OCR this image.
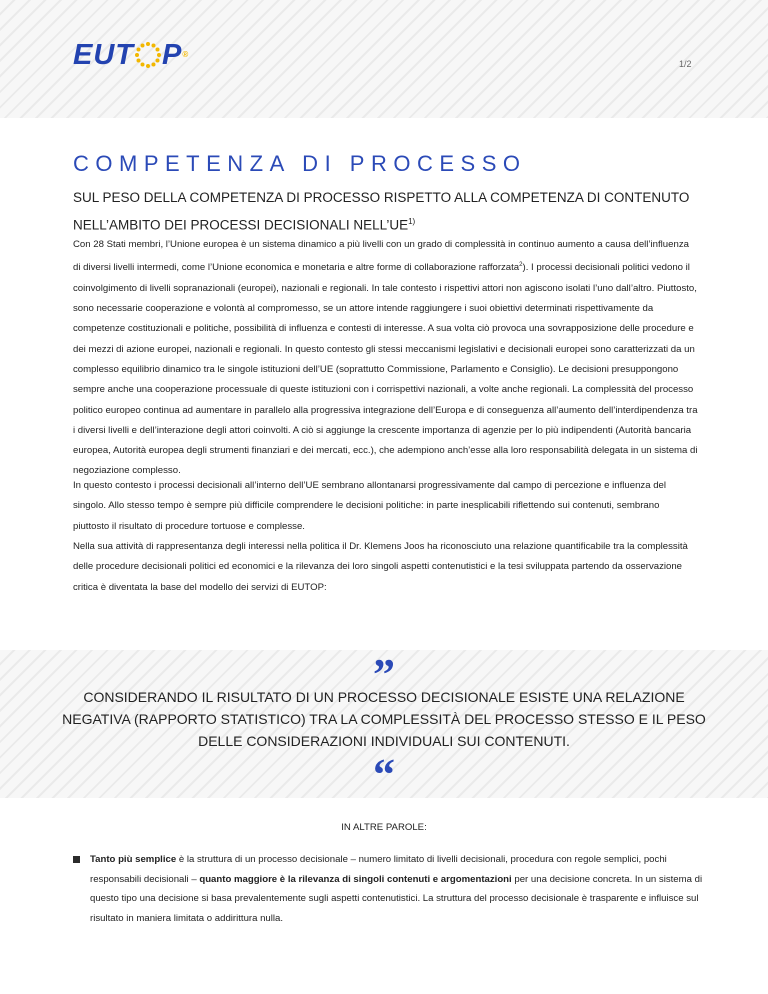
EUT P®
1/2
COMPETENZA DI PROCESSO
SUL PESO DELLA COMPETENZA DI PROCESSO RISPETTO ALLA COMPETENZA DI CONTENUTO NELL’AMBITO DEI PROCESSI DECISIONALI NELL’UE$^{1)}$
Con 28 Stati membri, l’Unione europea è un sistema dinamico a più livelli con un grado di complessità in continuo aumento a causa dell’influenza di diversi livelli intermedi, come l’Unione economica e monetaria e altre forme di collaborazione rafforzata$^2$). I processi decisionali politici vedono il coinvolgimento di livelli sopranazionali (europei), nazionali e regionali. In tale contesto i rispettivi attori non agiscono isolati l’uno dall’altro. Piuttosto, sono necessarie cooperazione e volontà al compromesso, se un attore intende raggiungere i suoi obiettivi determinati rispettivamente da competenze costituzionali e politiche, possibilità di influenza e contesti di interesse. A sua volta ciò provoca una sovrapposizione delle procedure e dei mezzi di azione europei, nazionali e regionali. In questo contesto gli stessi meccanismi legislativi e decisionali europei sono caratterizzati da un complesso equilibrio dinamico tra le singole istituzioni dell’UE (soprattutto Commissione, Parlamento e Consiglio). Le decisioni presuppongono sempre anche una cooperazione processuale di queste istituzioni con i corrispettivi nazionali, a volte anche regionali. La complessità del processo politico europeo continua ad aumentare in parallelo alla progressiva integrazione dell’Europa e di conseguenza all’aumento dell’interdipendenza tra i diversi livelli e dell’interazione degli attori coinvolti. A ciò si aggiunge la crescente importanza di agenzie per lo più indipendenti (Autorità bancaria europea, Autorità europea degli strumenti finanziari e dei mercati, ecc.), che adempiono anch’esse alla loro responsabilità delegata in un sistema di negoziazione complesso.
In questo contesto i processi decisionali all’interno dell’UE sembrano allontanarsi progressivamente dal campo di percezione e influenza del singolo. Allo stesso tempo è sempre più difficile comprendere le decisioni politiche: in parte inesplicabili riflettendo sui contenuti, sembrano piuttosto il risultato di procedure tortuose e complesse.
Nella sua attività di rappresentanza degli interessi nella politica il Dr. Klemens Joos ha riconosciuto una relazione quantificabile tra la complessità delle procedure decisionali politici ed economici e la rilevanza dei loro singoli aspetti contenutistici e la tesi sviluppata partendo da osservazione critica è diventata la base del modello dei servizi di EUTOP:
”
CONSIDERANDO IL RISULTATO DI UN PROCESSO DECISIONALE ESISTE UNA RELAZIONE NEGATIVA (RAPPORTO STATISTICO) TRA LA COMPLESSITÀ DEL PROCESSO STESSO E IL PESO DELLE CONSIDERAZIONI INDIVIDUALI SUI CONTENUTI.
“
IN ALTRE PAROLE:
Tanto più semplice è la struttura di un processo decisionale – numero limitato di livelli decisionali, procedura con regole semplici, pochi responsabili decisionali – quanto maggiore è la rilevanza di singoli contenuti e argomentazioni per una decisione concreta. In un sistema di questo tipo una decisione si basa prevalentemente sugli aspetti contenutistici. La struttura del processo decisionale è trasparente e influisce sul risultato in maniera limitata o addirittura nulla.
